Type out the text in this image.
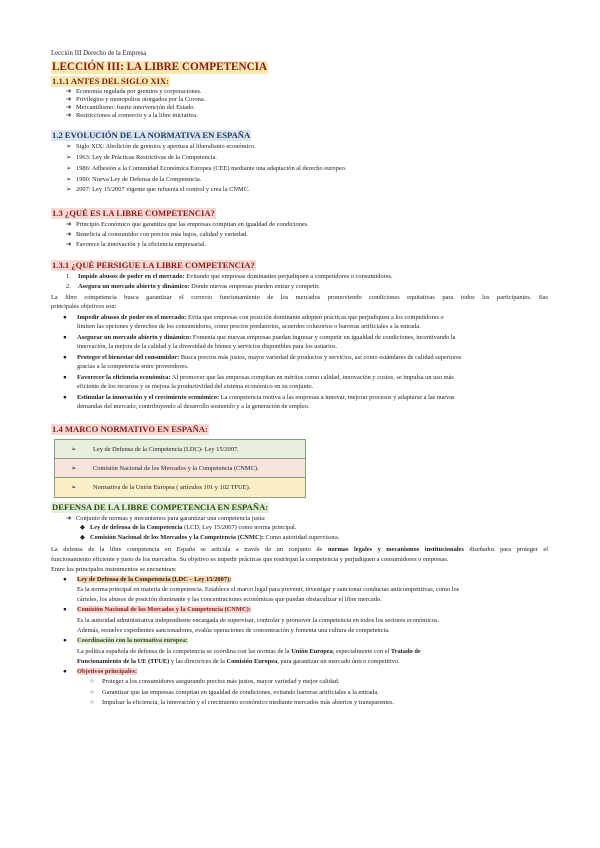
Lección III Derecho de la Empresa
LECCIÓN III: LA LIBRE COMPETENCIA
1.1.1 ANTES DEL SIGLO XIX:
➔ Economía regulada por gremios y corporaciones.
➔ Privilegios y monopolios otorgados por la Corona.
➔ Mercantilismo: fuerte intervención del Estado.
➔ Restricciones al comercio y a la libre iniciativa.
1.2 EVOLUCIÓN DE LA NORMATIVA EN ESPAÑA
➢ Siglo XIX: Abolición de gremios y apertura al liberalismo económico.
➢ 1963: Ley de Prácticas Restrictivas de la Competencia.
➢ 1986: Adhesión a la Comunidad Económica Europea (CEE) mediante una adaptación al derecho europeo.
➢ 1990: Nueva Ley de Defensa de la Competencia.
➢ 2007: Ley 15/2007 vigente que refuerza el control y crea la CNMC.
1.3 ¿QUÉ ES LA LIBRE COMPETENCIA?
➔ Principio Económico que garantiza que las empresas compitan en igualdad de condiciones.
➔ Beneficia al consumidor con precios más bajos, calidad y variedad.
➔ Favorece la innovación y la eficiencia empresarial.
1.3.1 ¿QUÉ PERSIGUE LA LIBRE COMPETENCIA?
1. Impide abusos de poder en el mercado: Evitando que empresas dominantes perjudiquen a competidores o consumidores.
2. Asegura un mercado abierto y dinámico: Donde nuevas empresas pueden entrar y competir.
La libre competencia busca garantizar el correcto funcionamiento de los mercados promoviendo condiciones equitativas para todos los participantes. Sus
principales objetivos son:
● Impedir abusos de poder en el mercado: Evita que empresas con posición dominante adopten prácticas que perjudiquen a los competidores o
limiten las opciones y derechos de los consumidores, como precios predatorios, acuerdos colusorios o barreras artificiales a la entrada.
● Asegurar un mercado abierto y dinámico: Fomenta que nuevas empresas puedan ingresar y competir en igualdad de condiciones, incentivando la
innovación, la mejora de la calidad y la diversidad de bienes y servicios disponibles para los usuarios.
● Proteger el bienestar del consumidor: Busca precios más justos, mayor variedad de productos y servicios, así como estándares de calidad superiores
gracias a la competencia entre proveedores.
● Favorecer la eficiencia económica: Al promover que las empresas compitan en méritos como calidad, innovación y costos, se impulsa un uso más
eficiente de los recursos y se mejora la productividad del sistema económico en su conjunto.
● Estimular la innovación y el crecimiento económico: La competencia motiva a las empresas a innovar, mejorar procesos y adaptarse a las nuevas
demandas del mercado, contribuyendo al desarrollo sostenido y a la generación de empleo.
1.4 MARCO NORMATIVO EN ESPAÑA:
➢	Ley de Defensa de la Competencia (LDC)- Ley 15/2007.
➢	Comisión Nacional de los Mercados y la Competencia (CNMC).
➢	Normativa de la Unión Europea ( artículos 101 y 102 TFUE).
DEFENSA DE LA LIBRE COMPETENCIA EN ESPAÑA:
➔ Conjunto de normas y mecanismos para garantizar una competencia justa:
◆ Ley de defensa de la Competencia (LCD, Ley 15/2007) como norma principal.
◆ Comisión Nacional de los Mercados y la Competencia (CNMC): Como autoridad supervisora.
La defensa de la libre competencia en España se articula a través de un conjunto de normas legales y mecanismos institucionales diseñados para proteger el
funcionamiento eficiente y justo de los mercados. Su objetivo es impedir prácticas que restrinjan la competencia y perjudiquen a consumidores o empresas.
Entre los principales instrumentos se encuentran:
● Ley de Defensa de la Competencia (LDC – Ley 15/2007):
Es la norma principal en materia de competencia. Establece el marco legal para prevenir, investigar y sancionar conductas anticompetitivas, como los
cárteles, los abusos de posición dominante y las concentraciones económicas que puedan obstaculizar el libre mercado.
● Comisión Nacional de los Mercados y la Competencia (CNMC):
Es la autoridad administrativa independiente encargada de supervisar, controlar y promover la competencia en todos los sectores económicos.
Además, resuelve expedientes sancionadores, evalúa operaciones de concentración y fomenta una cultura de competencia.
● Coordinación con la normativa europea:
La política española de defensa de la competencia se coordina con las normas de la Unión Europea, especialmente con el Tratado de
Funcionamiento de la UE (TFUE) y las directrices de la Comisión Europea, para garantizar un mercado único competitivo.
● Objetivos principales:
○ Proteger a los consumidores asegurando precios más justos, mayor variedad y mejor calidad.
○ Garantizar que las empresas compitan en igualdad de condiciones, evitando barreras artificiales a la entrada.
○ Impulsar la eficiencia, la innovación y el crecimiento económico mediante mercados más abiertos y transparentes.
